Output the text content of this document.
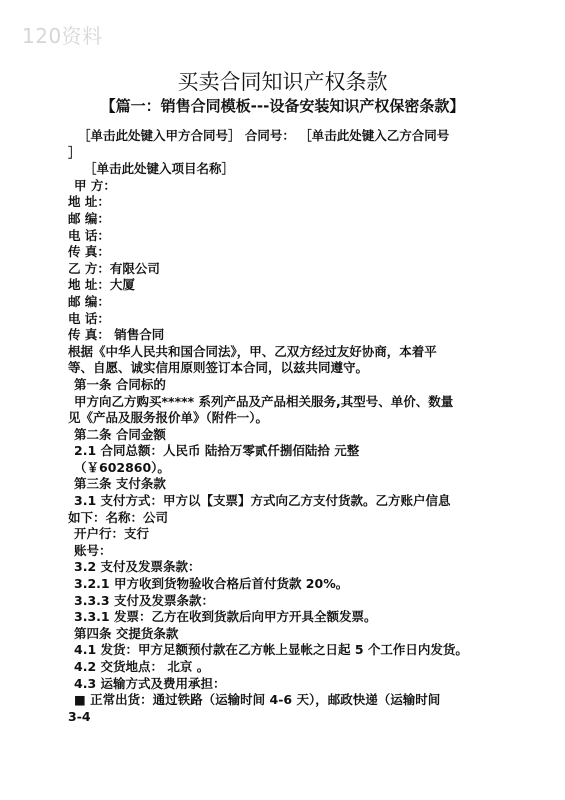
120资料
买卖合同知识产权条款
【篇一：销售合同模板---设备安装知识产权保密条款】

［单击此处键入甲方合同号］ 合同号： ［单击此处键入乙方合同号

］

［单击此处键入项目名称］

甲 方：

地 址：

邮 编：

电 话：

传 真：

乙 方：有限公司

地 址：大厦

邮 编：

电 话：

传 真： 销售合同

根据《中华人民共和国合同法》，甲、乙双方经过友好协商，本着平

等、自愿、诚实信用原则签订本合同，以兹共同遵守。

第一条 合同标的

甲方向乙方购买***** 系列产品及产品相关服务,其型号、单价、数量

见《产品及服务报价单》（附件一）。

第二条 合同金额

2.1 合同总额：人民币 陆拾万零贰仟捌佰陆拾 元整

（￥602860）。

第三条 支付条款

3.1 支付方式：甲方以【支票】方式向乙方支付货款。乙方账户信息

如下：名称：公司

开户行：支行

账号：

3.2 支付及发票条款：

3.2.1 甲方收到货物验收合格后首付货款 20%。

3.3.3 支付及发票条款：

3.3.1 发票：乙方在收到货款后向甲方开具全额发票。

第四条 交提货条款

4.1 发货：甲方足额预付款在乙方帐上显帐之日起 5 个工作日内发货。

4.2 交货地点： 北京 。

4.3 运输方式及费用承担：

■ 正常出货：通过铁路（运输时间 4-6 天），邮政快递（运输时间

3-4
